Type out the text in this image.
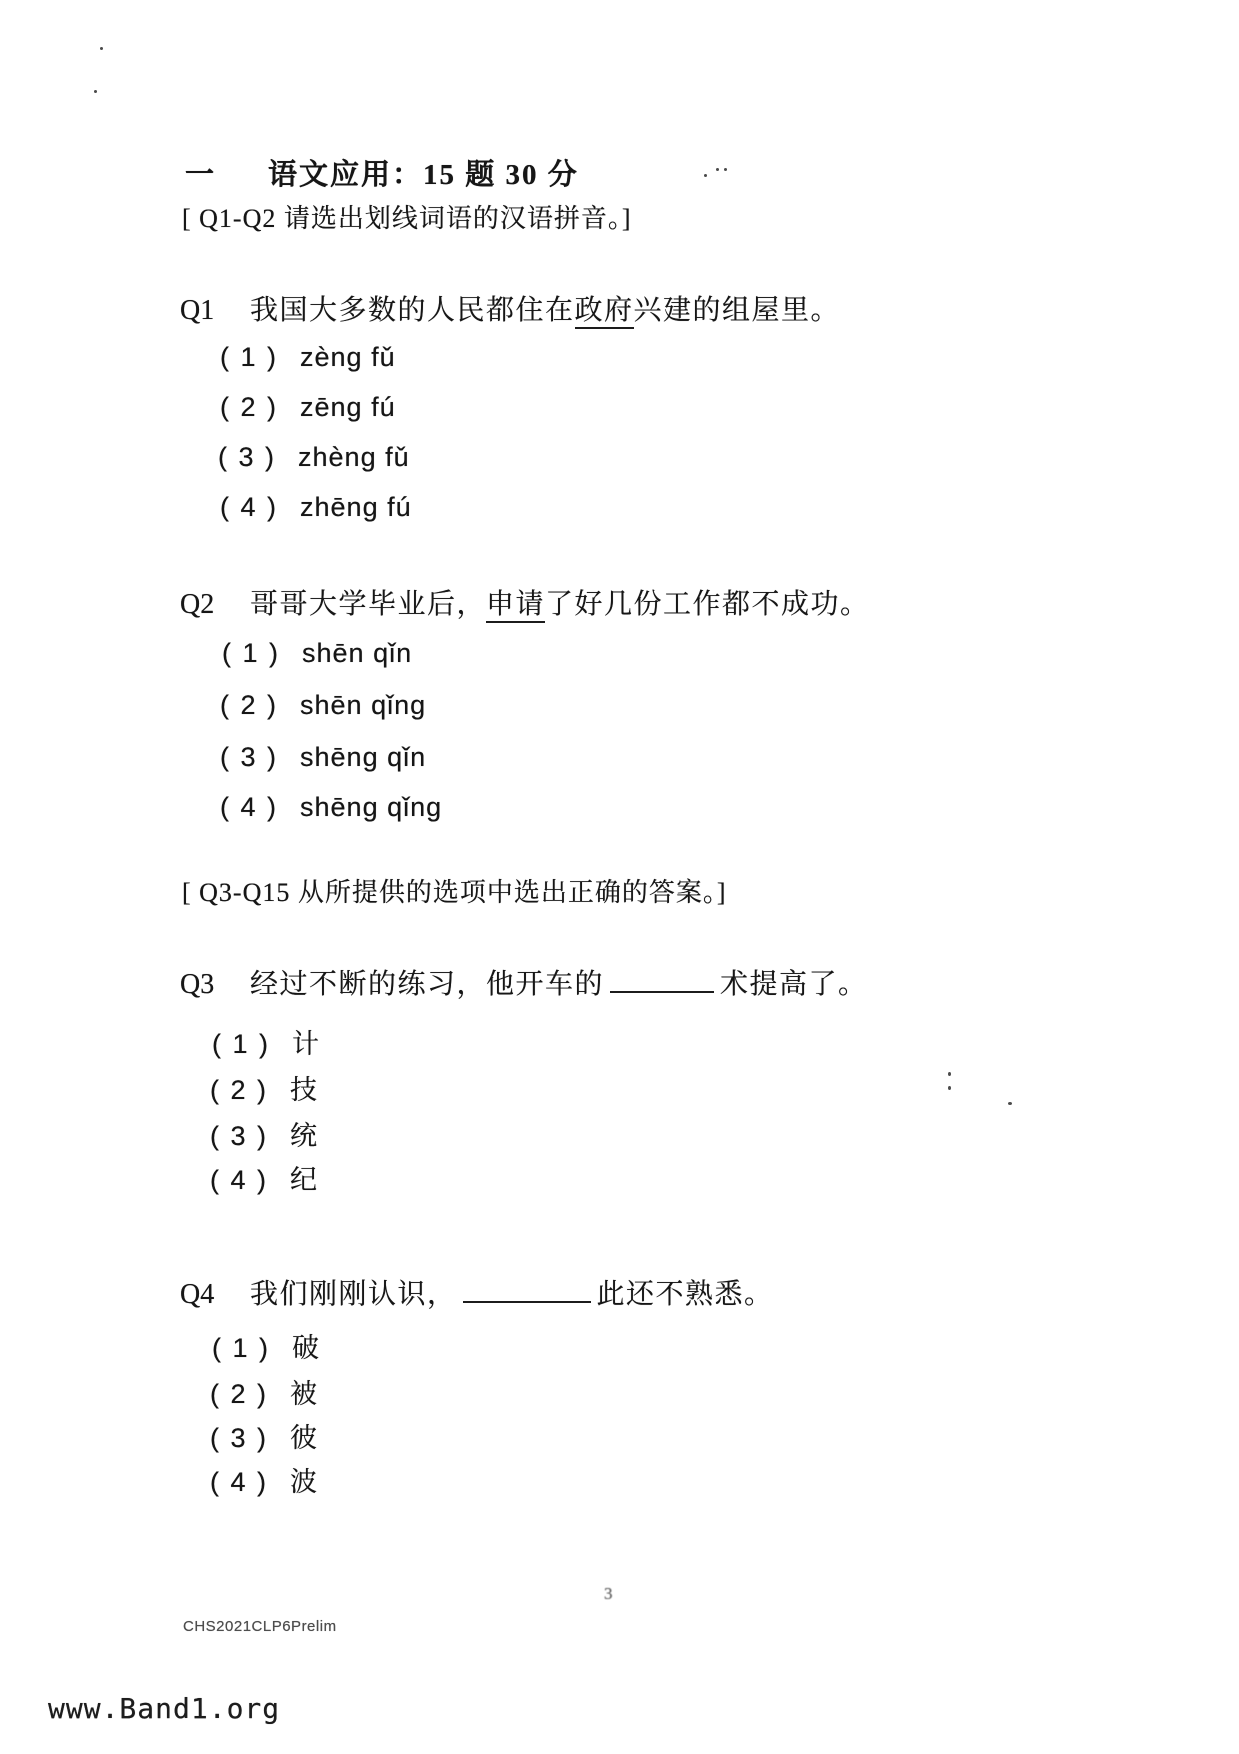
一 语文应用：15 题 30 分
[ Q1-Q2 请选出划线词语的汉语拼音。]
Q1 我国大多数的人民都住在政府兴建的组屋里。
( 1 ) zèng fǔ
( 2 ) zēng fú
( 3 ) zhèng fǔ
( 4 ) zhēng fú
Q2 哥哥大学毕业后，申请了好几份工作都不成功。
( 1 ) shēn qǐn
( 2 ) shēn qǐng
( 3 ) shēng qǐn
( 4 ) shēng qǐng
[ Q3-Q15 从所提供的选项中选出正确的答案。]
Q3 经过不断的练习，他开车的	术提高了。
( 1 ) 计
( 2 ) 技
( 3 ) 统
( 4 ) 纪
Q4 我们刚刚认识，	此还不熟悉。
( 1 ) 破
( 2 ) 被
( 3 ) 彼
( 4 ) 波
CHS2021CLP6Prelim
3
www.Band1.org
